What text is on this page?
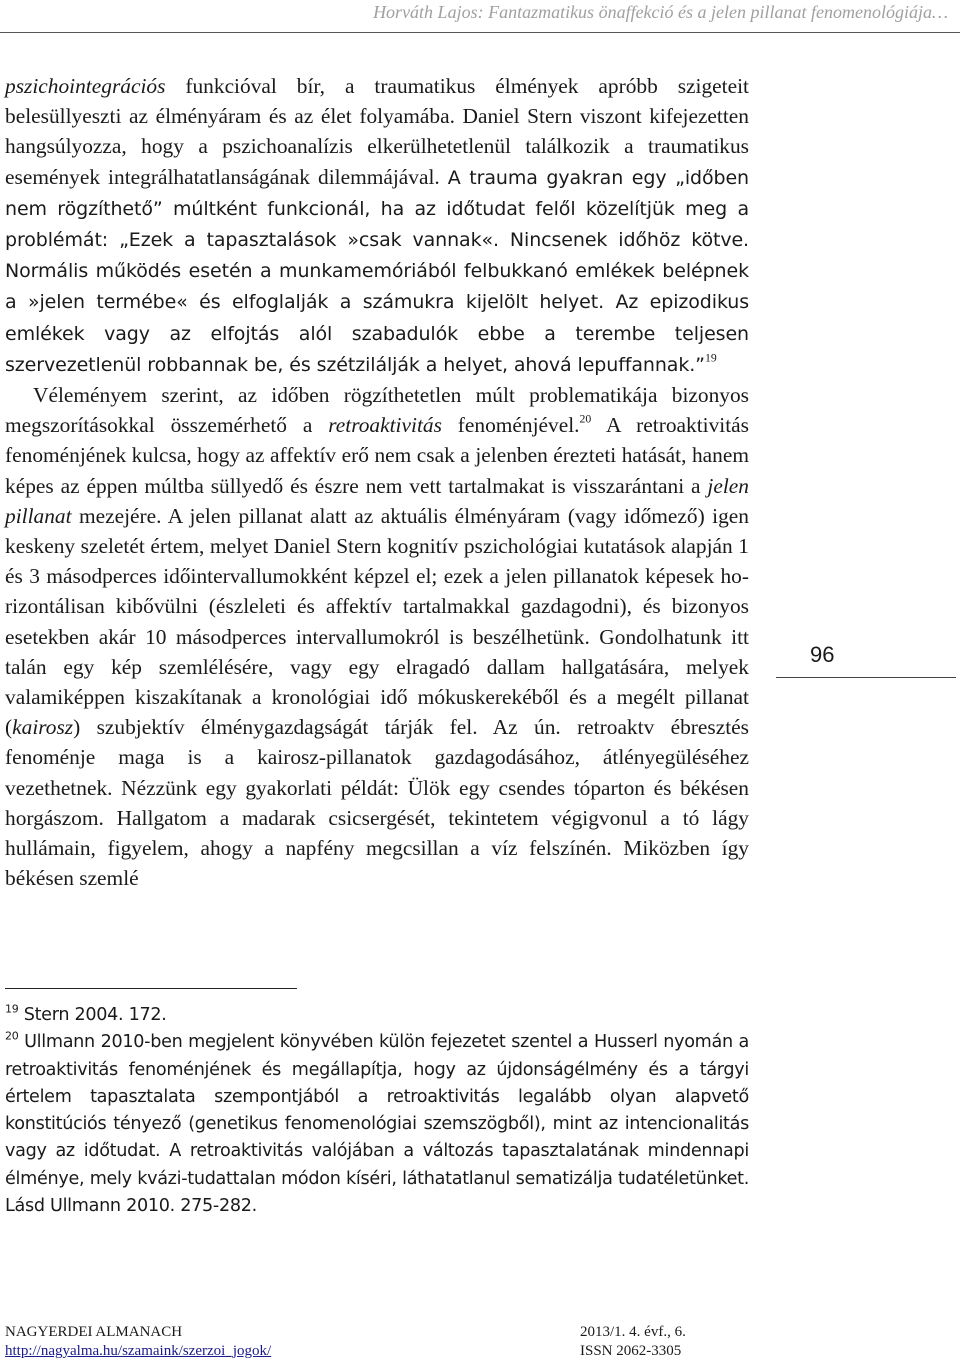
Horváth Lajos: Fantazmatikus önaffekció és a jelen pillanat fenomenológiája…

pszichointegrációs funkcióval bír, a traumatikus élmények apróbb szigeteit belesüllyeszti az élményáram és az élet folyamába. Daniel Stern viszont kifejezetten hangsúlyozza, hogy a pszichoanalízis elkerülhetetlenül találkozik a traumatikus események integrálhatatlanságának dilemmájával. A trauma gyakran egy „időben nem rögzíthető” múltként funkcionál, ha az időtudat felől közelítjük meg a problémát: „Ezek a tapasztalások »csak vannak«. Nincsenek időhöz kötve. Normális működés esetén a munkamemóriából felbukkanó emlékek belépnek a »jelen termébe« és elfoglalják a számukra kijelölt helyet. Az epizodikus emlékek vagy az elfojtás alól szabadulók ebbe a terembe teljesen szervezetlenül robbannak be, és szétzilálják a helyet, ahová lepuffannak.”$^{19}$

Véleményem szerint, az időben rögzíthetetlen múlt problematikája bizonyos megszorításokkal összemérhető a retroaktivitás fenoménjével.$^{20}$ A retroaktivitás fenoménjének kulcsa, hogy az affektív erő nem csak a jelenben érezteti hatását, hanem képes az éppen múltba süllyedő és észre nem vett tartalmakat is visszarántani a jelen pillanat mezejére. A jelen pillanat alatt az aktuális élményáram (vagy időmező) igen keskeny szeletét értem, melyet Daniel Stern kognitív pszichológiai kutatások alapján 1 és 3 másodperces időintervallumokként képzel el; ezek a jelen pillanatok képesek horizontálisan kibővülni (észleleti és affektív tartalmakkal gazdagodni), és bizonyos esetekben akár 10 másodperces intervallumokról is beszélhetünk. Gondolhatunk itt talán egy kép szemlélésére, vagy egy elragadó dallam hallgatására, melyek valamiképpen kiszakítanak a kronológiai idő mókuskerekéből és a megélt pillanat (kairosz) szubjektív élménygazdagságát tárják fel. Az ún. retroaktv ébresztés fenoménje maga is a kairosz-pillanatok gazdagodásához, átlényegüléséhez vezethetnek. Nézzünk egy gyakorlati példát: Ülök egy csendes tóparton és békésen horgászom. Hallgatom a madarak csicsergését, tekintetem végigvonul a tó lágy hullámain, figyelem, ahogy a napfény megcsillan a víz felszínén. Miközben így békésen szemlé

96

$^{19}$ Stern 2004. 172.

$^{20}$ Ullmann 2010-ben megjelent könyvében külön fejezetet szentel a Husserl nyomán a retroaktivitás fenoménjének és megállapítja, hogy az újdonságélmény és a tárgyi értelem tapasztalata szempontjából a retroaktivitás legalább olyan alapvető konstitúciós tényező (genetikus fenomenológiai szemszögből), mint az intencionalitás vagy az időtudat. A retroaktivitás valójában a változás tapasztalatának mindennapi élménye, mely kvázi-tudattalan módon kíséri, láthatatlanul sematizálja tudatéletünket. Lásd Ullmann 2010. 275-282.

NAGYERDEI ALMANACH	2013/1. 4. évf., 6.
http://nagyalma.hu/szamaink/szerzoi_jogok/	ISSN 2062-3305
